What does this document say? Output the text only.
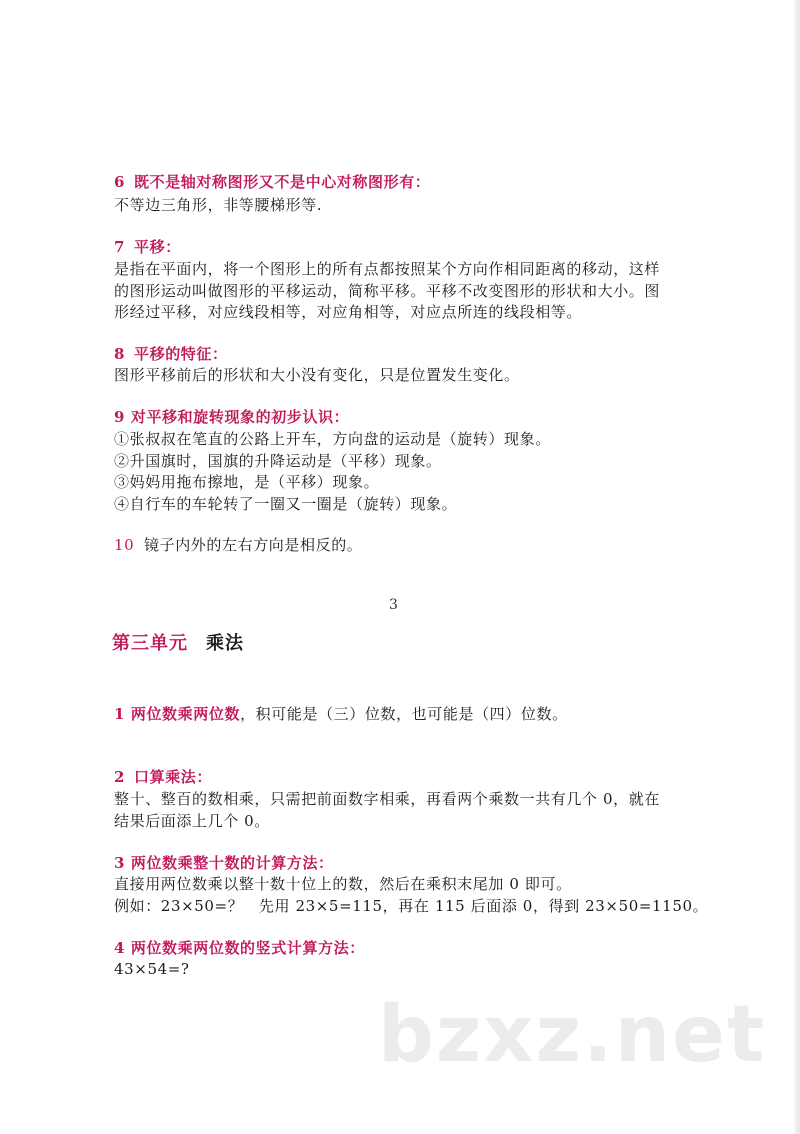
6 既不是轴对称图形又不是中心对称图形有：
不等边三角形，非等腰梯形等.
7 平移：
是指在平面内，将一个图形上的所有点都按照某个方向作相同距离的移动，这样
的图形运动叫做图形的平移运动，简称平移。平移不改变图形的形状和大小。图
形经过平移，对应线段相等，对应角相等，对应点所连的线段相等。
8 平移的特征：
图形平移前后的形状和大小没有变化，只是位置发生变化。
9 对平移和旋转现象的初步认识：
①张叔叔在笔直的公路上开车，方向盘的运动是（旋转）现象。
②升国旗时，国旗的升降运动是（平移）现象。
③妈妈用拖布擦地，是（平移）现象。
④自行车的车轮转了一圈又一圈是（旋转）现象。
10 镜子内外的左右方向是相反的。
3
第三单元 乘法
1 两位数乘两位数，积可能是（三）位数，也可能是（四）位数。
2 口算乘法：
整十、整百的数相乘，只需把前面数字相乘，再看两个乘数一共有几个 0，就在
结果后面添上几个 0。
3 两位数乘整十数的计算方法：
直接用两位数乘以整十数十位上的数，然后在乘积末尾加 0 即可。
例如：23×50=？　先用 23×5=115，再在 115 后面添 0，得到 23×50=1150。
4 两位数乘两位数的竖式计算方法：
43×54=?
bzxz.net
